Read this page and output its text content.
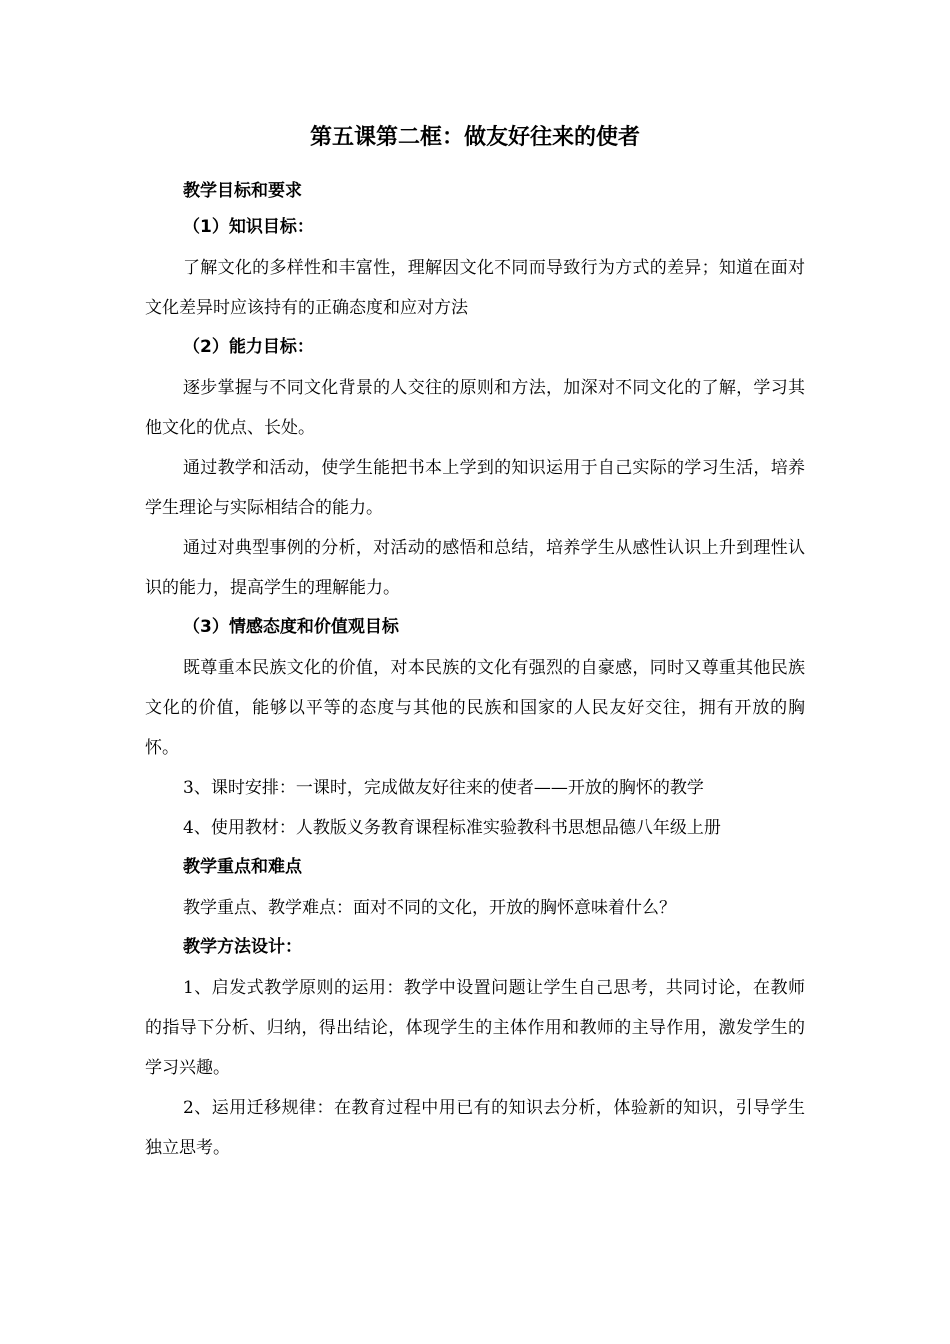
第五课第二框：做友好往来的使者
教学目标和要求
（1）知识目标：

了解文化的多样性和丰富性，理解因文化不同而导致行为方式的差异；知道在面对文化差异时应该持有的正确态度和应对方法

（2）能力目标：

逐步掌握与不同文化背景的人交往的原则和方法，加深对不同文化的了解，学习其他文化的优点、长处。

通过教学和活动，使学生能把书本上学到的知识运用于自己实际的学习生活，培养学生理论与实际相结合的能力。

通过对典型事例的分析，对活动的感悟和总结，培养学生从感性认识上升到理性认识的能力，提高学生的理解能力。

（3）情感态度和价值观目标

既尊重本民族文化的价值，对本民族的文化有强烈的自豪感，同时又尊重其他民族文化的价值，能够以平等的态度与其他的民族和国家的人民友好交往，拥有开放的胸怀。

3、课时安排：一课时，完成做友好往来的使者——开放的胸怀的教学

4、使用教材：人教版义务教育课程标准实验教科书思想品德八年级上册

教学重点和难点

教学重点、教学难点：面对不同的文化，开放的胸怀意味着什么？

教学方法设计：

1、启发式教学原则的运用：教学中设置问题让学生自己思考，共同讨论，在教师的指导下分析、归纳，得出结论，体现学生的主体作用和教师的主导作用，激发学生的学习兴趣。

2、运用迁移规律：在教育过程中用已有的知识去分析，体验新的知识，引导学生独立思考。
